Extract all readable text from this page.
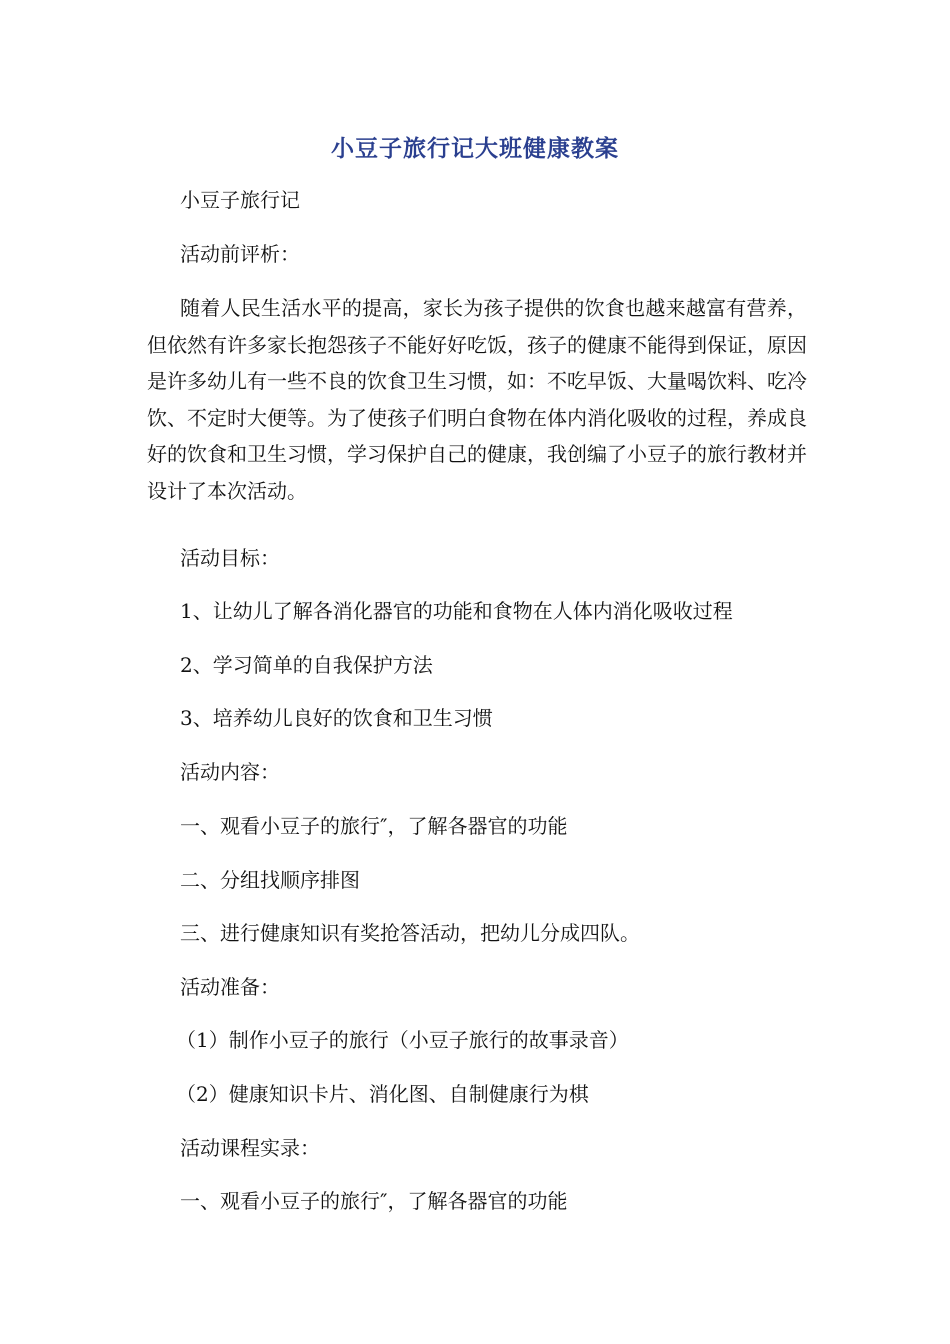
小豆子旅行记大班健康教案
小豆子旅行记
活动前评析：
随着人民生活水平的提高，家长为孩子提供的饮食也越来越富有营养，但依然有许多家长抱怨孩子不能好好吃饭，孩子的健康不能得到保证，原因是许多幼儿有一些不良的饮食卫生习惯，如：不吃早饭、大量喝饮料、吃冷饮、不定时大便等。为了使孩子们明白食物在体内消化吸收的过程，养成良好的饮食和卫生习惯，学习保护自己的健康，我创编了小豆子的旅行教材并设计了本次活动。
活动目标：
1、让幼儿了解各消化器官的功能和食物在人体内消化吸收过程
2、学习简单的自我保护方法
3、培养幼儿良好的饮食和卫生习惯
活动内容：
一、观看小豆子的旅行″，了解各器官的功能
二、分组找顺序排图
三、进行健康知识有奖抢答活动，把幼儿分成四队。
活动准备：
（1）制作小豆子的旅行（小豆子旅行的故事录音）
（2）健康知识卡片、消化图、自制健康行为棋
活动课程实录：
一、观看小豆子的旅行″，了解各器官的功能
